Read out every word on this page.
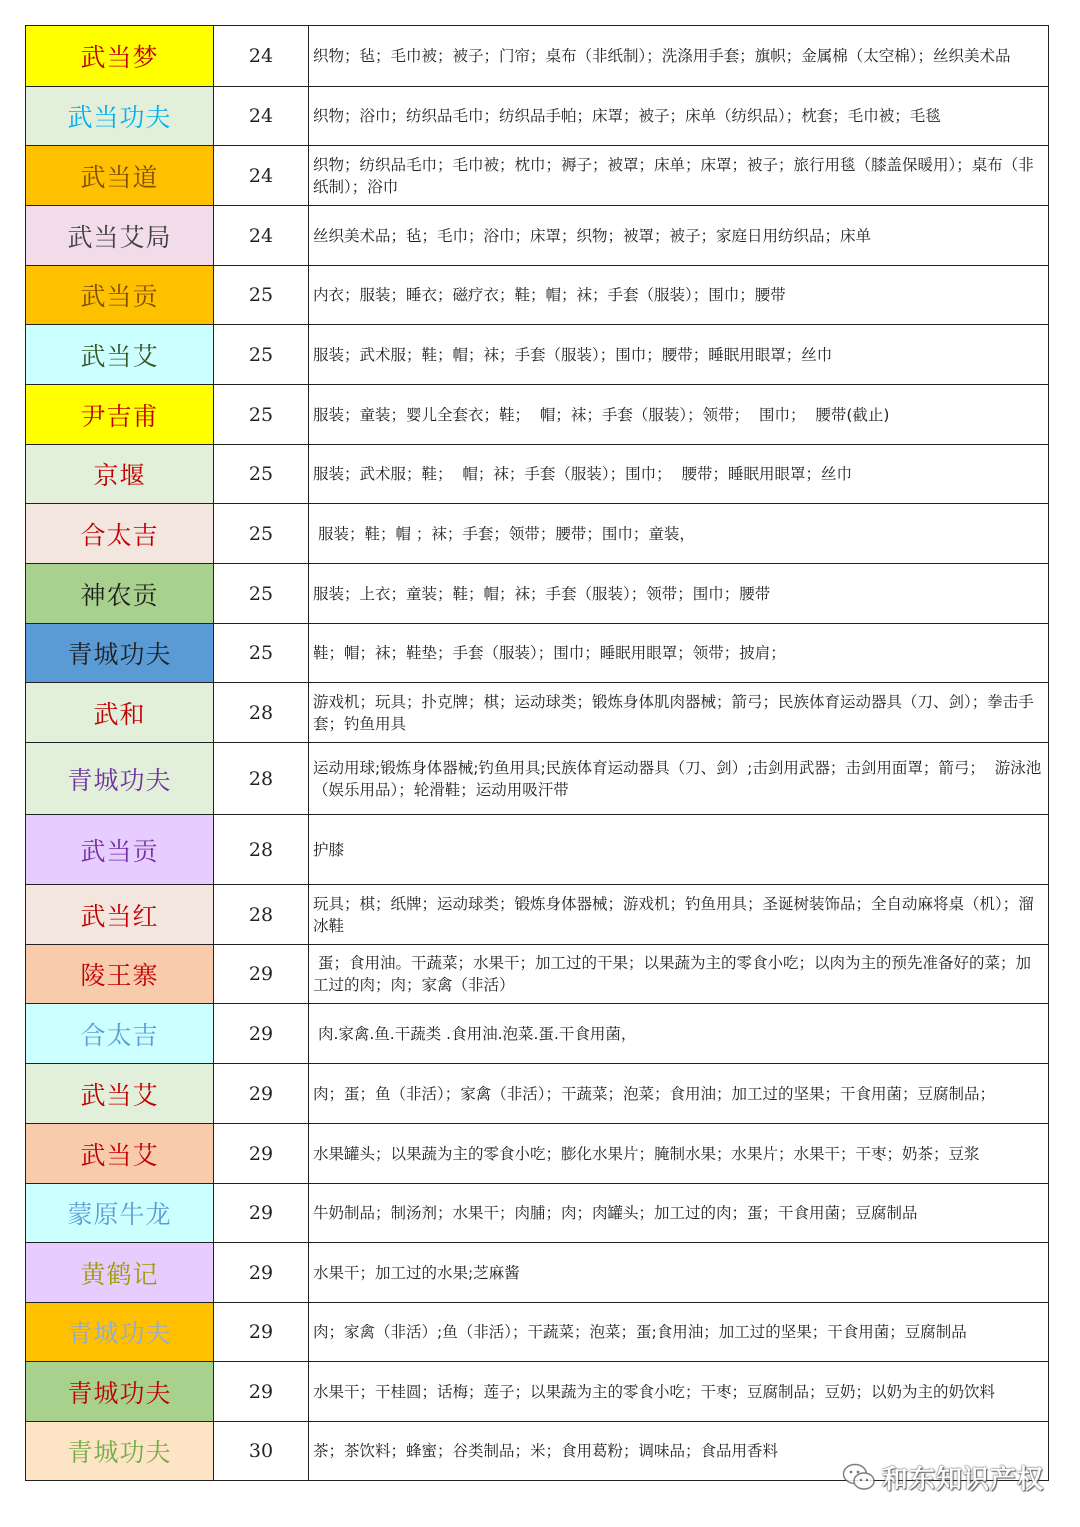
武当梦	24	织物；毡；毛巾被；被子；门帘；桌布（非纸制）；洗涤用手套；旗帜；金属棉（太空棉）；丝织美术品
武当功夫	24	织物；浴巾；纺织品毛巾；纺织品手帕；床罩；被子；床单（纺织品）；枕套；毛巾被；毛毯
武当道	24	织物；纺织品毛巾；毛巾被；枕巾；褥子；被罩；床单；床罩；被子；旅行用毯（膝盖保暖用）；桌布（非纸制）；浴巾
武当艾局	24	丝织美术品；毡；毛巾；浴巾；床罩；织物；被罩；被子；家庭日用纺织品；床单
武当贡	25	内衣；服装；睡衣；磁疗衣；鞋；帽；袜；手套（服装）；围巾；腰带
武当艾	25	服装；武术服；鞋；帽；袜；手套（服装）；围巾；腰带；睡眠用眼罩；丝巾
尹吉甫	25	服装；童装；婴儿全套衣；鞋；  帽；袜；手套（服装）；领带；  围巾；  腰带(截止)
京堰	25	服装；武术服；鞋；  帽；袜；手套（服装）；围巾；  腰带；睡眠用眼罩；丝巾
合太吉	25	服装；鞋；帽 ；袜；手套；领带；腰带；围巾；童装，
神农贡	25	服装；上衣；童装；鞋；帽；袜；手套（服装）；领带；围巾；腰带
青城功夫	25	鞋；帽；袜；鞋垫；手套（服装）；围巾；睡眠用眼罩；领带；披肩；
武和	28	游戏机；玩具；扑克牌；棋；运动球类；锻炼身体肌肉器械；箭弓；民族体育运动器具（刀、剑）；拳击手套；钓鱼用具
青城功夫	28	运动用球;锻炼身体器械;钓鱼用具;民族体育运动器具（刀、剑）;击剑用武器；击剑用面罩；箭弓；  游泳池（娱乐用品）；轮滑鞋；运动用吸汗带
武当贡	28	护膝
武当红	28	玩具；棋；纸牌；运动球类；锻炼身体器械；游戏机；钓鱼用具；圣诞树装饰品；全自动麻将桌（机）；溜冰鞋
陵王寨	29	蛋；食用油。干蔬菜；水果干；加工过的干果；以果蔬为主的零食小吃；以肉为主的预先准备好的菜；加工过的肉；肉；家禽（非活）
合太吉	29	肉.家禽.鱼.干蔬类 .食用油.泡菜.蛋.干食用菌，
武当艾	29	肉；蛋；鱼（非活）；家禽（非活）；干蔬菜；泡菜；食用油；加工过的坚果；干食用菌；豆腐制品；
武当艾	29	水果罐头；以果蔬为主的零食小吃；膨化水果片；腌制水果；水果片；水果干；干枣；奶茶；豆浆
蒙原牛龙	29	牛奶制品；制汤剂；水果干；肉脯；肉；肉罐头；加工过的肉；蛋；干食用菌；豆腐制品
黄鹤记	29	水果干；加工过的水果;芝麻酱
青城功夫	29	肉；家禽（非活）;鱼（非活）；干蔬菜；泡菜；蛋;食用油；加工过的坚果；干食用菌；豆腐制品
青城功夫	29	水果干；干桂圆；话梅；莲子；以果蔬为主的零食小吃；干枣；豆腐制品；豆奶；以奶为主的奶饮料
青城功夫	30	茶；茶饮料；蜂蜜；谷类制品；米；食用葛粉；调味品；食品用香料
和东知识产权
